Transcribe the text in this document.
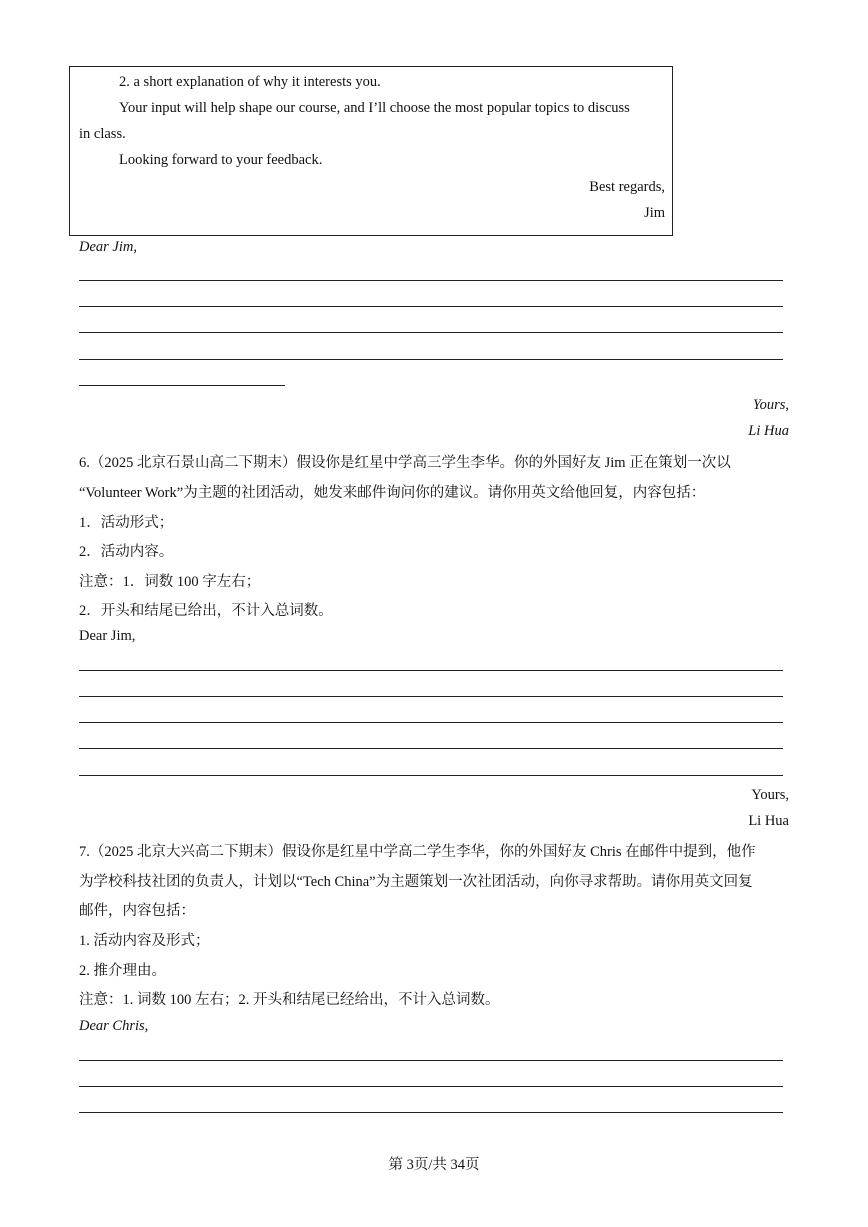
2. a short explanation of why it interests you.
Your input will help shape our course, and I’ll choose the most popular topics to discuss
in class.
Looking forward to your feedback.
Best regards,
Jim
Dear Jim,
Yours,
Li Hua
6.（2025 北京石景山高二下期末）假设你是红星中学高三学生李华。你的外国好友 Jim 正在策划一次以
“Volunteer Work”为主题的社团活动，她发来邮件询问你的建议。请你用英文给他回复，内容包括：
1．活动形式；
2．活动内容。
注意：1．词数 100 字左右；
2．开头和结尾已给出，不计入总词数。
Dear Jim,
Yours,
Li Hua
7.（2025 北京大兴高二下期末）假设你是红星中学高二学生李华，你的外国好友 Chris 在邮件中提到，他作
为学校科技社团的负责人，计划以“Tech China”为主题策划一次社团活动，向你寻求帮助。请你用英文回复
邮件，内容包括：
1. 活动内容及形式；
2. 推介理由。
注意：1. 词数 100 左右；2. 开头和结尾已经给出，不计入总词数。
Dear Chris,
第 3页/共 34页
